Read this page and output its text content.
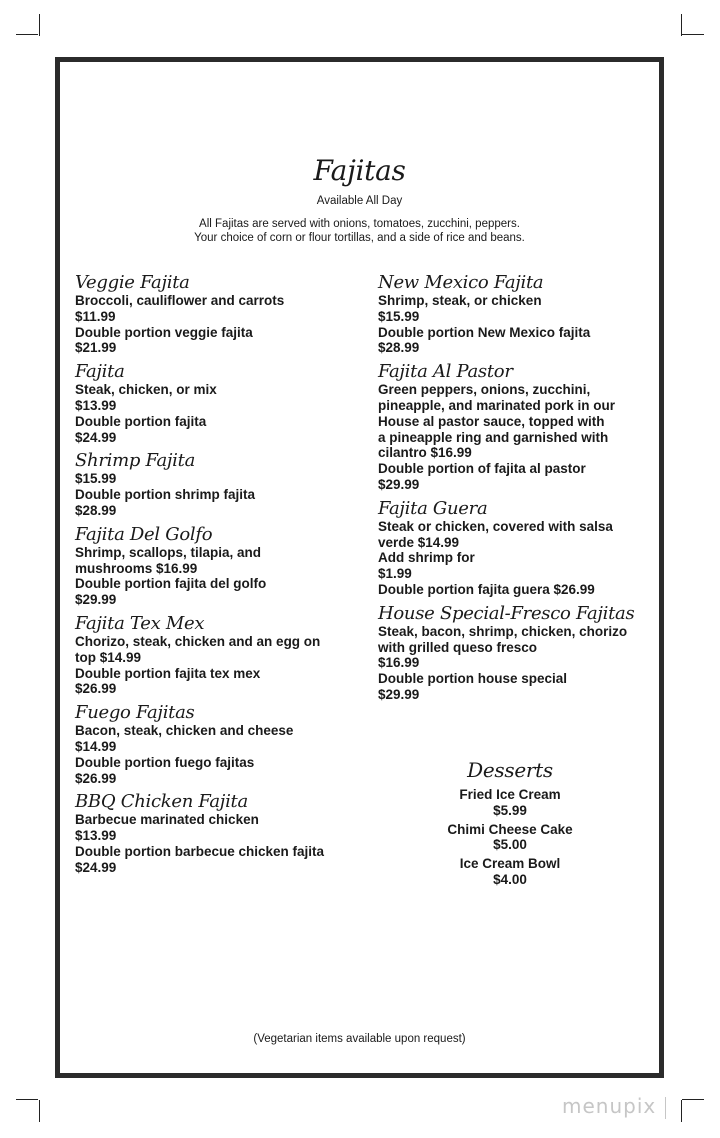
Fajitas
Available All Day
All Fajitas are served with onions, tomatoes, zucchini, peppers.
Your choice of corn or flour tortillas, and a side of rice and beans.
Veggie Fajita
Broccoli, cauliflower and carrots
$11.99
Double portion veggie fajita
$21.99
Fajita
Steak, chicken, or mix
$13.99
Double portion fajita
$24.99
Shrimp Fajita
$15.99
Double portion shrimp fajita
$28.99
Fajita Del Golfo
Shrimp, scallops, tilapia, and
mushrooms $16.99
Double portion fajita del golfo
$29.99
Fajita Tex Mex
Chorizo, steak, chicken and an egg on
top $14.99
Double portion fajita tex mex
$26.99
Fuego Fajitas
Bacon, steak, chicken and cheese
$14.99
Double portion fuego fajitas
$26.99
BBQ Chicken Fajita
Barbecue marinated chicken
$13.99
Double portion barbecue chicken fajita
$24.99
New Mexico Fajita
Shrimp, steak, or chicken
$15.99
Double portion New Mexico fajita
$28.99
Fajita Al Pastor
Green peppers, onions, zucchini,
pineapple, and marinated pork in our
House al pastor sauce, topped with
a pineapple ring and garnished with
cilantro $16.99
Double portion of fajita al pastor
$29.99
Fajita Guera
Steak or chicken, covered with salsa
verde $14.99
Add shrimp for
$1.99
Double portion fajita guera $26.99
House Special-Fresco Fajitas
Steak, bacon, shrimp, chicken, chorizo
with grilled queso fresco
$16.99
Double portion house special
$29.99
Desserts
Fried Ice Cream
$5.99
Chimi Cheese Cake
$5.00
Ice Cream Bowl
$4.00
(Vegetarian items available upon request)
menupix
